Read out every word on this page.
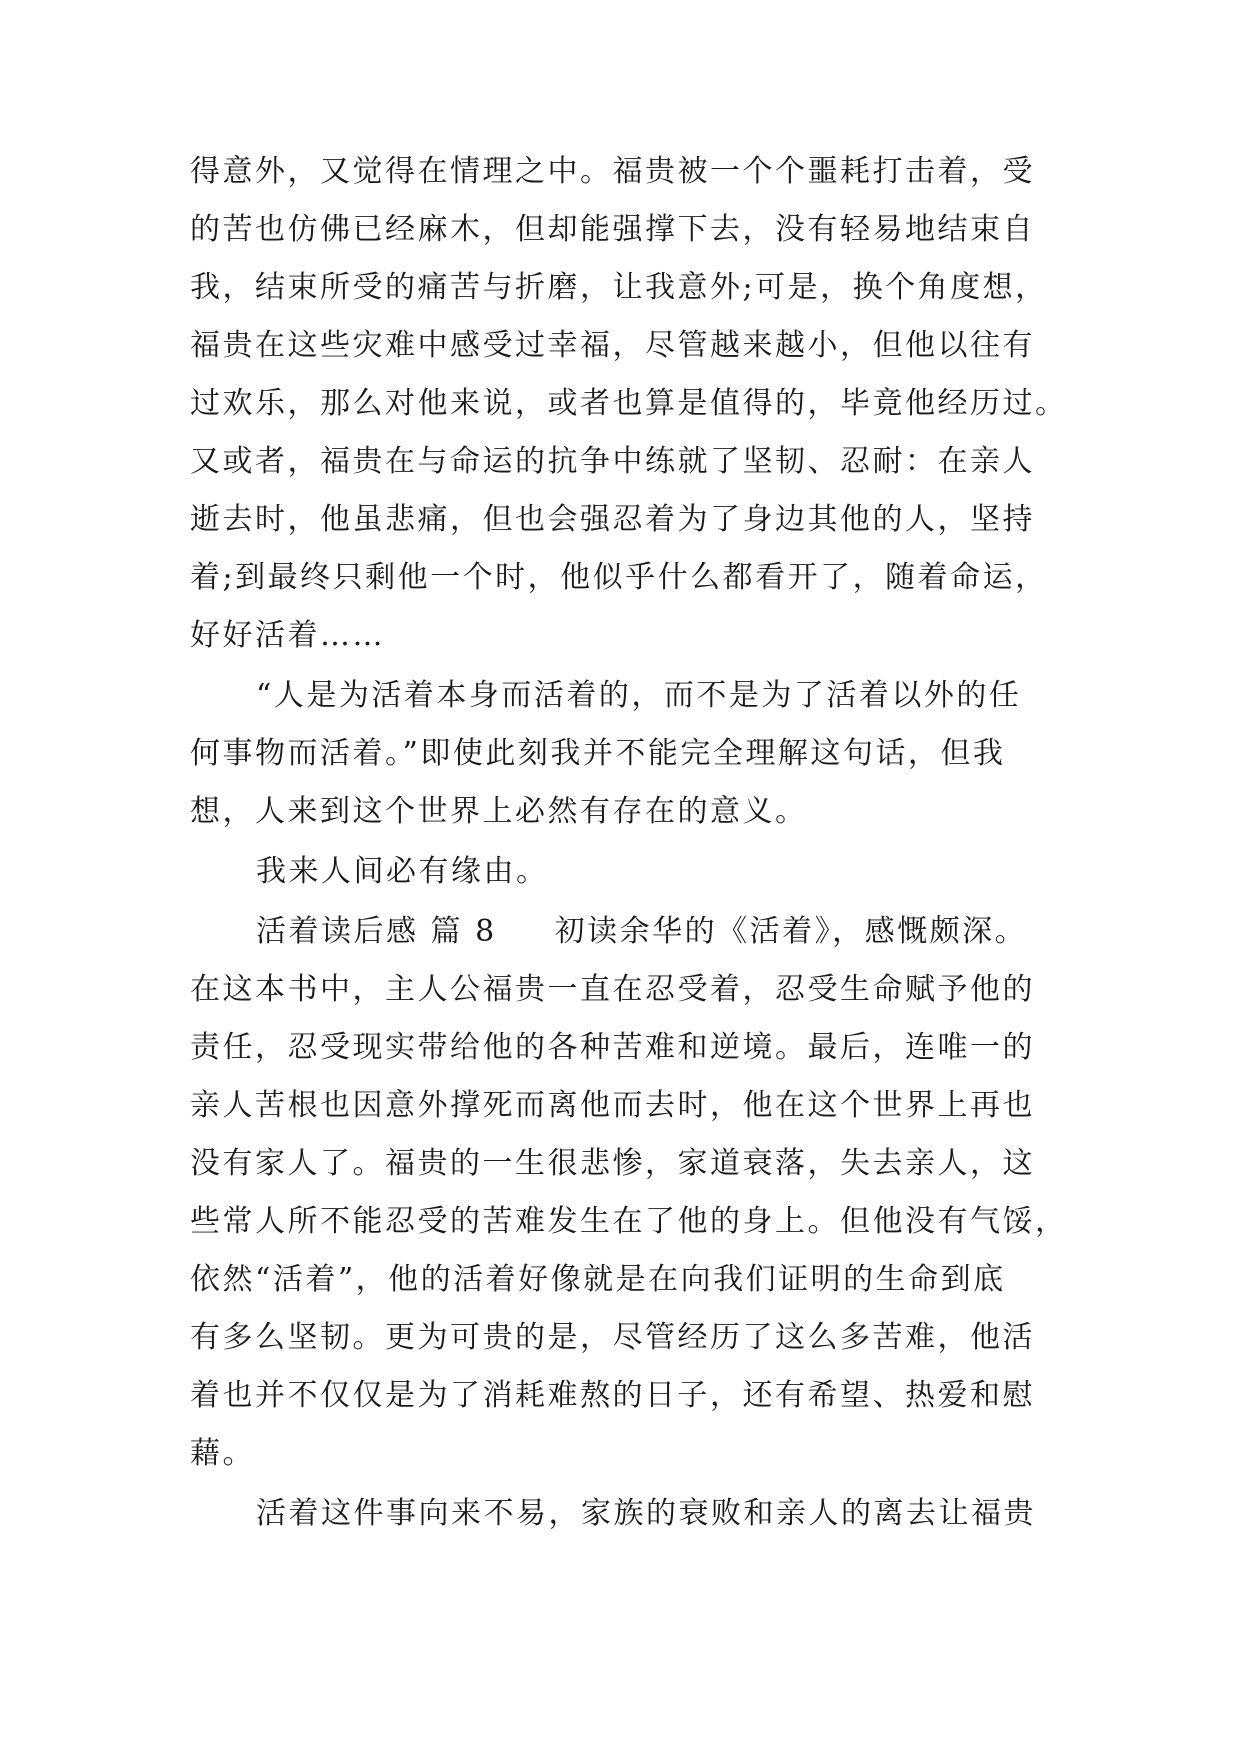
得意外，又觉得在情理之中。福贵被一个个噩耗打击着，受
的苦也仿佛已经麻木，但却能强撑下去，没有轻易地结束自
我，结束所受的痛苦与折磨，让我意外;可是，换个角度想，
福贵在这些灾难中感受过幸福，尽管越来越小，但他以往有
过欢乐，那么对他来说，或者也算是值得的，毕竟他经历过。
又或者，福贵在与命运的抗争中练就了坚韧、忍耐：在亲人
逝去时，他虽悲痛，但也会强忍着为了身边其他的人，坚持
着;到最终只剩他一个时，他似乎什么都看开了，随着命运，
好好活着……
“人是为活着本身而活着的，而不是为了活着以外的任
何事物而活着。”即使此刻我并不能完全理解这句话，但我
想，人来到这个世界上必然有存在的意义。
我来人间必有缘由。
活着读后感 篇 8 初读余华的《活着》，感慨颇深。
在这本书中，主人公福贵一直在忍受着，忍受生命赋予他的
责任，忍受现实带给他的各种苦难和逆境。最后，连唯一的
亲人苦根也因意外撑死而离他而去时，他在这个世界上再也
没有家人了。福贵的一生很悲惨，家道衰落，失去亲人，这
些常人所不能忍受的苦难发生在了他的身上。但他没有气馁，
依然“活着”，他的活着好像就是在向我们证明的生命到底
有多么坚韧。更为可贵的是，尽管经历了这么多苦难，他活
着也并不仅仅是为了消耗难熬的日子，还有希望、热爱和慰
藉。
活着这件事向来不易，家族的衰败和亲人的离去让福贵
